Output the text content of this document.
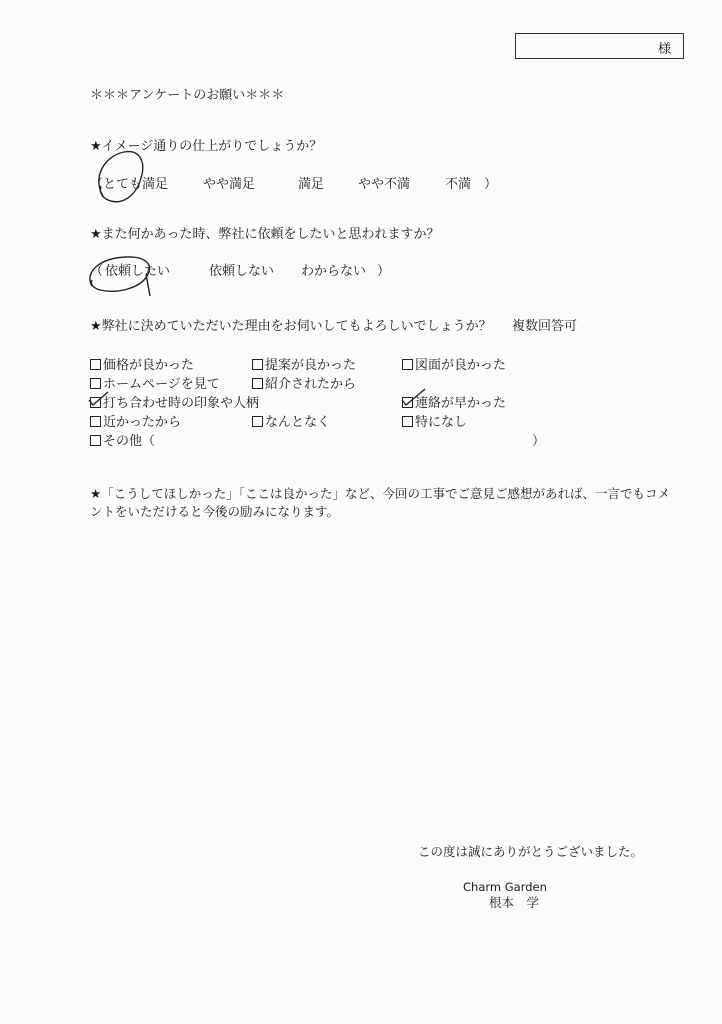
様
＊＊＊アンケートのお願い＊＊＊
★イメージ通りの仕上がりでしょうか？
（ とても満足	やや満足	満足	やや不満	不満 ）
★また何かあった時、弊社に依頼をしたいと思われますか？
（ 依頼したい	依頼しない わからない ）
★弊社に決めていただいた理由をお伺いしてもよろしいでしょうか？ 複数回答可
価格が良かった	提案が良かった	図面が良かった
ホームページを見て	紹介されたから
打ち合わせ時の印象や人柄	連絡が早かった
近かったから	なんとなく	特になし
その他（	）
★「こうしてほしかった」「ここは良かった」など、今回の工事でご意見ご感想があれば、一言でもコメ
ントをいただけると今後の励みになります。
この度は誠にありがとうございました。
Charm Garden
根本　学
